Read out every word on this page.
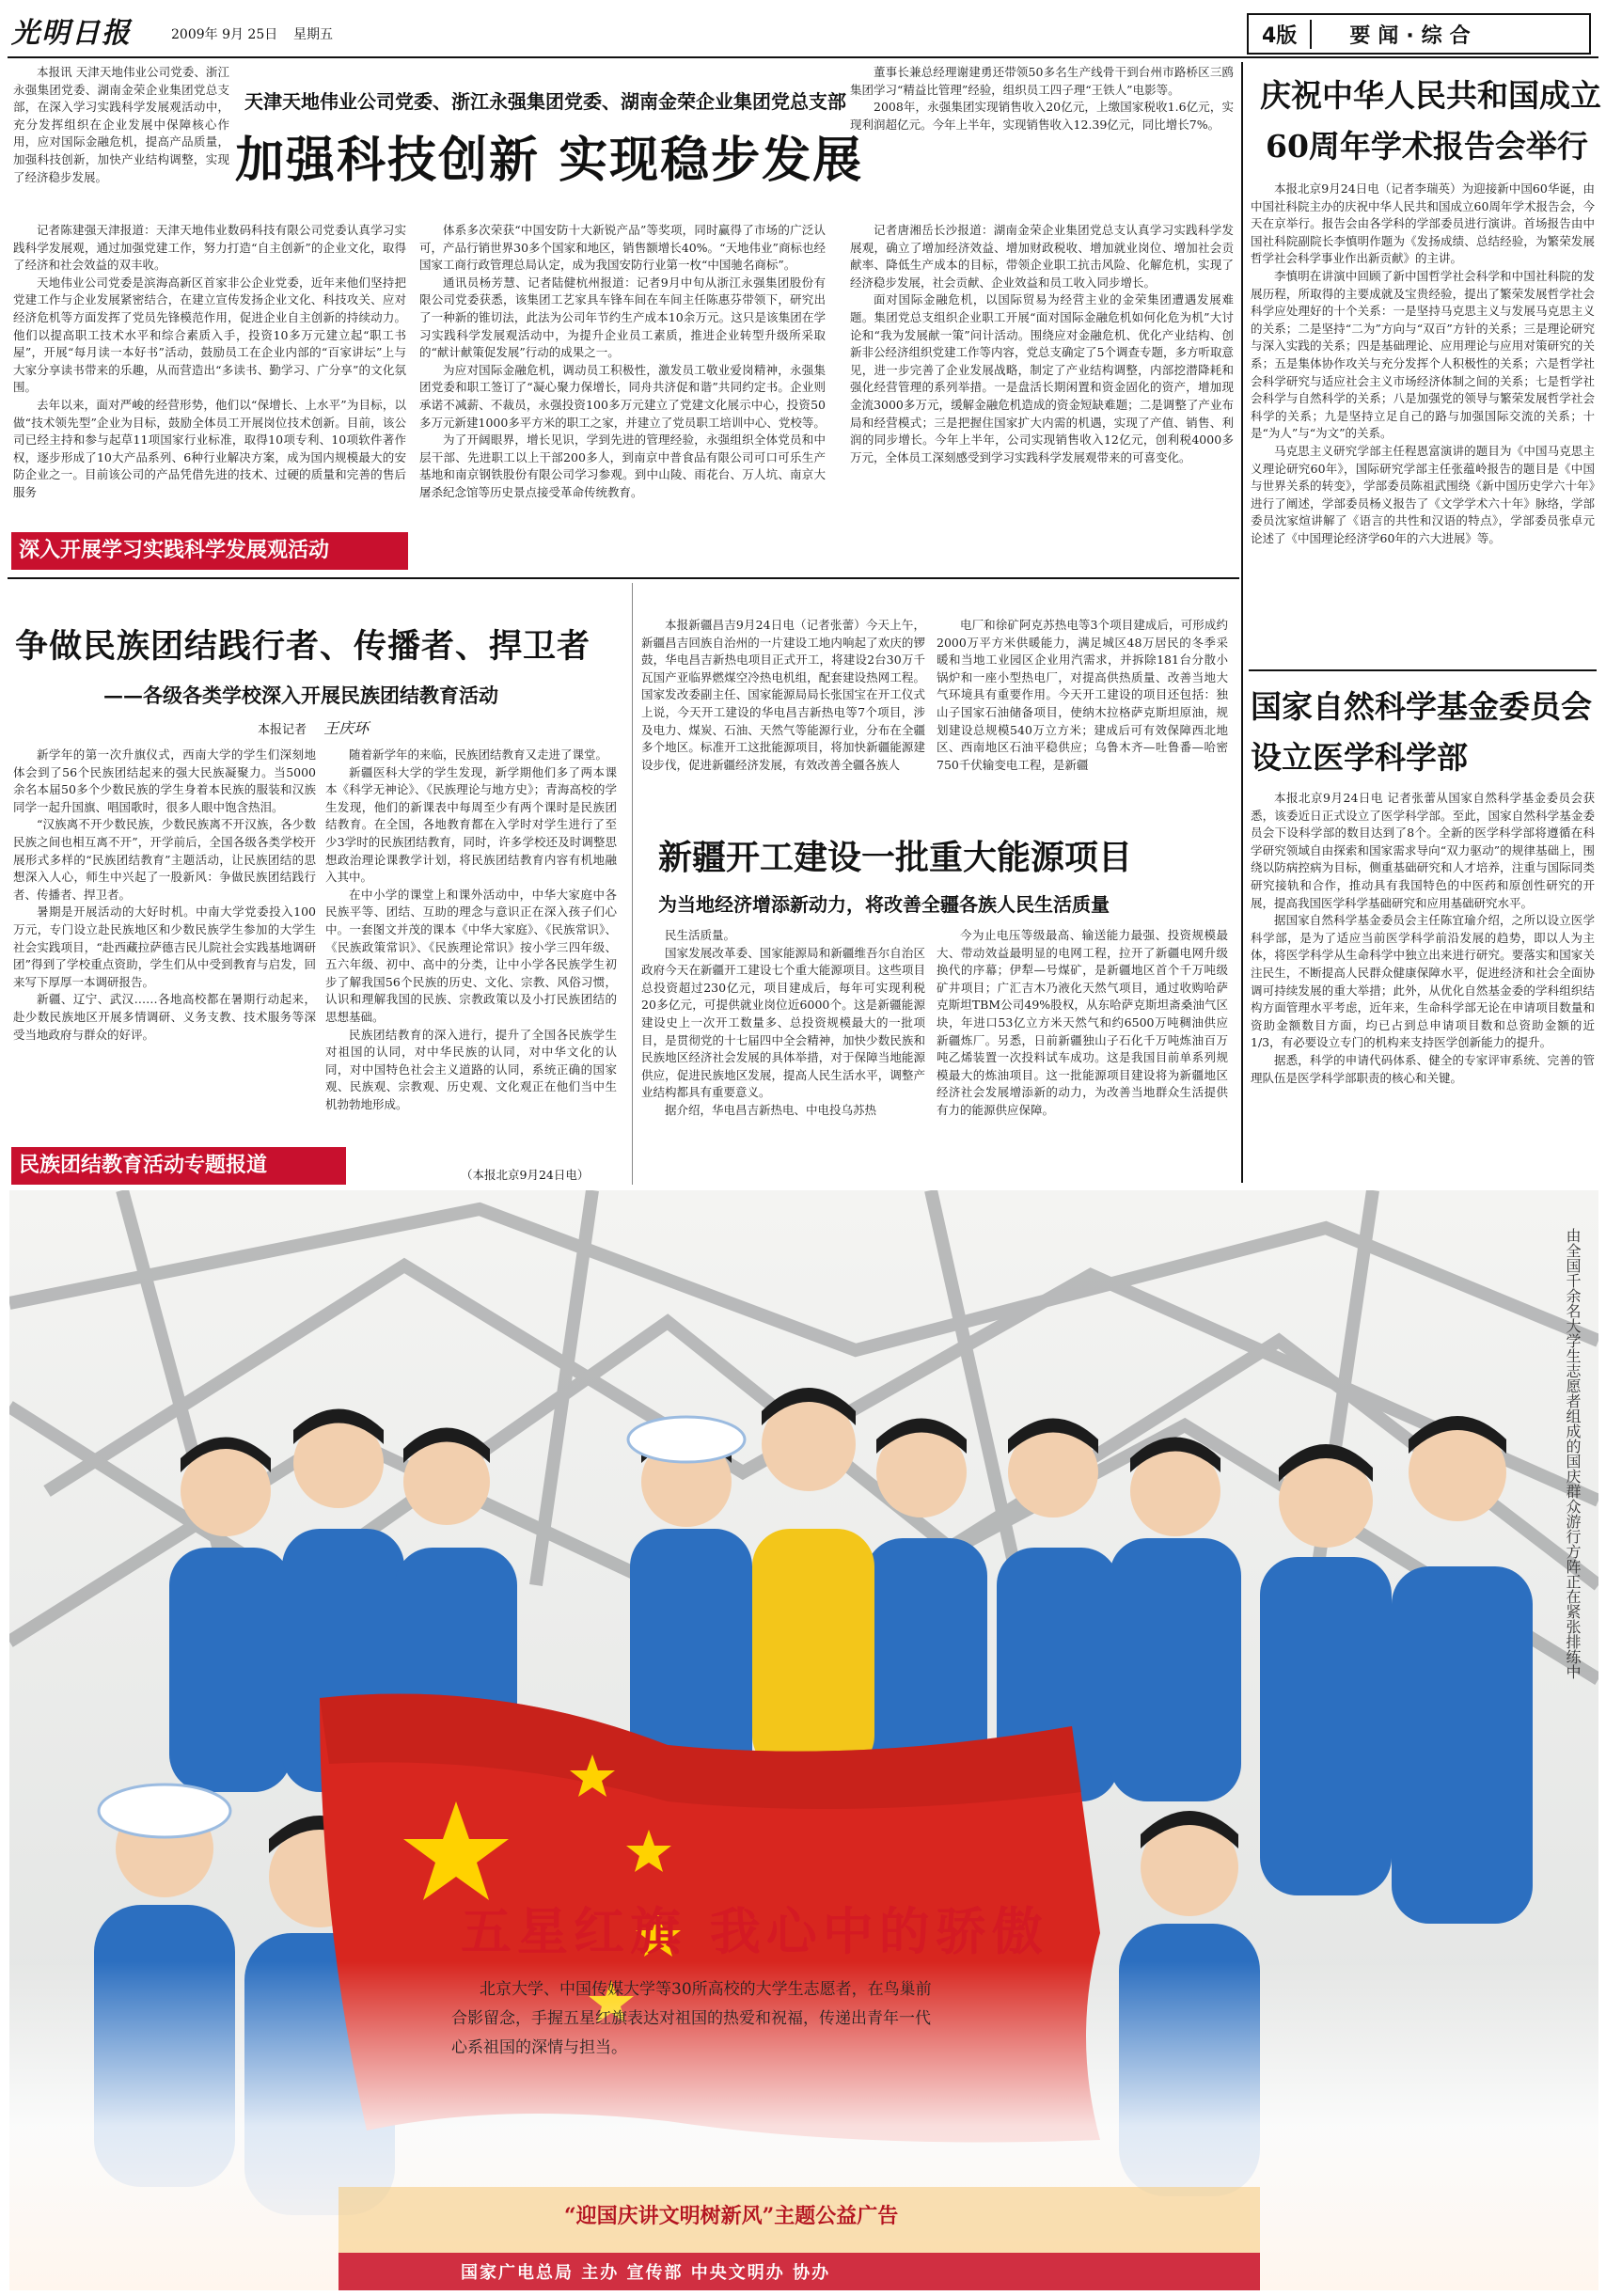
光明日报	2009年 9月 25日 星期五	4版	要闻·综合

本报讯 天津天地伟业公司党委、浙江永强集团党委、湖南金荣企业集团党总支部，在深入学习实践科学发展观活动中，充分发挥组织在企业发展中保障核心作用，应对国际金融危机，提高产品质量，加强科技创新，加快产业结构调整，实现了经济稳步发展。

天津天地伟业公司党委、浙江永强集团党委、湖南金荣企业集团党总支部
加强科技创新 实现稳步发展

记者陈建强天津报道：天津天地伟业数码科技有限公司党委认真学习实践科学发展观，通过加强党建工作，努力打造“自主创新”的企业文化，取得了经济和社会效益的双丰收。

天地伟业公司党委是滨海高新区首家非公企业党委，近年来他们坚持把党建工作与企业发展紧密结合，在建立宣传发扬企业文化、科技攻关、应对经济危机等方面发挥了党员先锋模范作用，促进企业自主创新的持续动力。他们以提高职工技术水平和综合素质入手，投资10多万元建立起“职工书屋”，开展“每月读一本好书”活动，鼓励员工在企业内部的“百家讲坛”上与大家分享读书带来的乐趣，从而营造出“多读书、勤学习、广分享”的文化氛围。

去年以来，面对严峻的经营形势，他们以“保增长、上水平”为目标，以做“技术领先型”企业为目标，鼓励全体员工开展岗位技术创新。目前，该公司已经主持和参与起草11项国家行业标准，取得10项专利、10项软件著作权，逐步形成了10大产品系列、6种行业解决方案，成为国内规模最大的安防企业之一。目前该公司的产品凭借先进的技术、过硬的质量和完善的售后服务

体系多次荣获“中国安防十大新锐产品”等奖项，同时赢得了市场的广泛认可，产品行销世界30多个国家和地区，销售额增长40%。“天地伟业”商标也经国家工商行政管理总局认定，成为我国安防行业第一枚“中国驰名商标”。

通讯员杨芳慧、记者陆健杭州报道：记者9月中旬从浙江永强集团股份有限公司党委获悉，该集团工艺家具车锋车间在车间主任陈惠芬带领下，研究出了一种新的锥切法，此法为公司年节约生产成本10余万元。这只是该集团在学习实践科学发展观活动中，为提升企业员工素质，推进企业转型升级所采取的“献计献策促发展”行动的成果之一。

为应对国际金融危机，调动员工积极性，激发员工敬业爱岗精神，永强集团党委和职工签订了“凝心聚力保增长，同舟共济促和谐”共同约定书。企业则承诺不减薪、不裁员，永强投资100多万元建立了党建文化展示中心，投资50多万元新建1000多平方米的职工之家，并建立了党员职工培训中心、党校等。

为了开阔眼界，增长见识，学到先进的管理经验，永强组织全体党员和中层干部、先进职工以上干部200多人，到南京中普食品有限公司可口可乐生产基地和南京钢铁股份有限公司学习参观。到中山陵、雨花台、万人坑、南京大屠杀纪念馆等历史景点接受革命传统教育。

董事长兼总经理谢建勇还带领50多名生产线骨干到台州市路桥区三鸥集团学习“精益比管理”经验，组织员工四子理“王铁人”电影等。

2008年，永强集团实现销售收入20亿元，上缴国家税收1.6亿元，实现利润超亿元。今年上半年，实现销售收入12.39亿元，同比增长7%。

记者唐湘岳长沙报道：湖南金荣企业集团党总支认真学习实践科学发展观，确立了增加经济效益、增加财政税收、增加就业岗位、增加社会贡献率、降低生产成本的目标，带领企业职工抗击风险、化解危机，实现了经济稳步发展，社会贡献、企业效益和员工收入同步增长。

面对国际金融危机，以国际贸易为经营主业的金荣集团遭遇发展难题。集团党总支组织企业职工开展“面对国际金融危机如何化危为机”大讨论和“我为发展献一策”问计活动。围绕应对金融危机、优化产业结构、创新非公经济组织党建工作等内容，党总支确定了5个调查专题，多方听取意见，进一步完善了企业发展战略，制定了产业结构调整，内部挖潜降耗和强化经营管理的系列举措。一是盘活长期闲置和资金固化的资产，增加现金流3000多万元，缓解金融危机造成的资金短缺难题；二是调整了产业布局和经营模式；三是把握住国家扩大内需的机遇，实现了产值、销售、利润的同步增长。今年上半年，公司实现销售收入12亿元，创利税4000多万元，全体员工深刻感受到学习实践科学发展观带来的可喜变化。

深入开展学习实践科学发展观活动
庆祝中华人民共和国成立
60周年学术报告会举行

本报北京9月24日电（记者李瑞英）为迎接新中国60华诞，由中国社科院主办的庆祝中华人民共和国成立60周年学术报告会，今天在京举行。报告会由各学科的学部委员进行演讲。首场报告由中国社科院副院长李慎明作题为《发扬成绩、总结经验，为繁荣发展哲学社会科学事业作出新贡献》的主讲。

李慎明在讲演中回顾了新中国哲学社会科学和中国社科院的发展历程，所取得的主要成就及宝贵经验，提出了繁荣发展哲学社会科学应处理好的十个关系：一是坚持马克思主义与发展马克思主义的关系；二是坚持“二为”方向与“双百”方针的关系；三是理论研究与深入实践的关系；四是基础理论、应用理论与应用对策研究的关系；五是集体协作攻关与充分发挥个人积极性的关系；六是哲学社会科学研究与适应社会主义市场经济体制之间的关系；七是哲学社会科学与自然科学的关系；八是加强党的领导与繁荣发展哲学社会科学的关系；九是坚持立足自己的路与加强国际交流的关系；十是“为人”与“为文”的关系。

马克思主义研究学部主任程恩富演讲的题目为《中国马克思主义理论研究60年》，国际研究学部主任张蕴岭报告的题目是《中国与世界关系的转变》，学部委员陈祖武围绕《新中国历史学六十年》进行了阐述，学部委员杨义报告了《文学学术六十年》脉络，学部委员沈家煊讲解了《语言的共性和汉语的特点》，学部委员张卓元论述了《中国理论经济学60年的六大进展》等。

国家自然科学基金委员会
设立医学科学部

本报北京9月24日电 记者张蕾从国家自然科学基金委员会获悉，该委近日正式设立了医学科学部。至此，国家自然科学基金委员会下设科学部的数目达到了8个。全新的医学科学部将遵循在科学研究领域自由探索和国家需求导向“双力驱动”的规律基础上，围绕以防病控病为目标，侧重基础研究和人才培养，注重与国际同类研究接轨和合作，推动具有我国特色的中医药和原创性研究的开展，提高我国医学科学基础研究和应用基础研究水平。

据国家自然科学基金委员会主任陈宜瑜介绍，之所以设立医学科学部，是为了适应当前医学科学前沿发展的趋势，即以人为主体，将医学科学从生命科学中独立出来进行研究。要落实和国家关注民生，不断提高人民群众健康保障水平，促进经济和社会全面协调可持续发展的重大举措；此外，从优化自然基金委的学科组织结构方面管理水平考虑，近年来，生命科学部无论在申请项目数量和资助金额数目方面，均已占到总申请项目数和总资助金额的近1/3，有必要设立专门的机构来支持医学创新能力的提升。

据悉，科学的申请代码体系、健全的专家评审系统、完善的管理队伍是医学科学部职责的核心和关键。

争做民族团结践行者、传播者、捍卫者
——各级各类学校深入开展民族团结教育活动
本报记者 王庆环

新学年的第一次升旗仪式，西南大学的学生们深刻地体会到了56个民族团结起来的强大民族凝聚力。当5000余名本届50多个少数民族的学生身着本民族的服装和汉族同学一起升国旗、唱国歌时，很多人眼中饱含热泪。

“汉族离不开少数民族，少数民族离不开汉族，各少数民族之间也相互离不开”，开学前后，全国各级各类学校开展形式多样的“民族团结教育”主题活动，让民族团结的思想深入人心，师生中兴起了一股新风：争做民族团结践行者、传播者、捍卫者。

暑期是开展活动的大好时机。中南大学党委投入100万元，专门设立赴民族地区和少数民族学生参加的大学生社会实践项目，“赴西藏拉萨德吉民儿院社会实践基地调研团”得到了学校重点资助，学生们从中受到教育与启发，回来写下厚厚一本调研报告。

新疆、辽宁、武汉……各地高校都在暑期行动起来，赴少数民族地区开展多情调研、义务支教、技术服务等深受当地政府与群众的好评。

随着新学年的来临，民族团结教育又走进了课堂。

新疆医科大学的学生发现，新学期他们多了两本课本《科学无神论》、《民族理论与地方史》；青海高校的学生发现，他们的新课表中每周至少有两个课时是民族团结教育。在全国，各地教育都在入学时对学生进行了至少3学时的民族团结教育，同时，许多学校还及时调整思想政治理论课教学计划，将民族团结教育内容有机地融入其中。

在中小学的课堂上和课外活动中，中华大家庭中各民族平等、团结、互助的理念与意识正在深入孩子们心中。一套图文并茂的课本《中华大家庭》、《民族常识》、《民族政策常识》、《民族理论常识》按小学三四年级、五六年级、初中、高中的分类，让中小学各民族学生初步了解我国56个民族的历史、文化、宗教、风俗习惯，认识和理解我国的民族、宗教政策以及小打民族团结的思想基础。

民族团结教育的深入进行，提升了全国各民族学生对祖国的认同，对中华民族的认同，对中华文化的认同，对中国特色社会主义道路的认同，系统正确的国家观、民族观、宗教观、历史观、文化观正在他们当中生机勃勃地形成。

（本报北京9月24日电）
民族团结教育活动专题报道

本报新疆昌吉9月24日电（记者张蕾）今天上午，新疆昌吉回族自治州的一片建设工地内响起了欢庆的锣鼓，华电昌吉新热电项目正式开工，将建设2台30万千瓦国产亚临界燃煤空冷热电机组，配套建设热网工程。国家发改委副主任、国家能源局局长张国宝在开工仪式上说，今天开工建设的华电昌吉新热电等7个项目，涉及电力、煤炭、石油、天然气等能源行业，分布在全疆多个地区。标准开工这批能源项目，将加快新疆能源建设步伐，促进新疆经济发展，有效改善全疆各族人

电厂和徐矿阿克苏热电等3个项目建成后，可形成约2000万平方米供暖能力，满足城区48万居民的冬季采暖和当地工业园区企业用汽需求，并拆除181台分散小锅炉和一座小型热电厂，对提高供热质量、改善当地大气环境具有重要作用。今天开工建设的项目还包括：独山子国家石油储备项目，使纳木拉格萨克斯坦原油，规划建设总规模540万立方米；建成后可有效保障西北地区、西南地区石油平稳供应；乌鲁木齐—吐鲁番—哈密750千伏输变电工程，是新疆

新疆开工建设一批重大能源项目
为当地经济增添新动力，将改善全疆各族人民生活质量

民生活质量。

国家发展改革委、国家能源局和新疆维吾尔自治区政府今天在新疆开工建设七个重大能源项目。这些项目总投资超过230亿元，项目建成后，每年可实现利税20多亿元，可提供就业岗位近6000个。这是新疆能源建设史上一次开工数量多、总投资规模最大的一批项目，是贯彻党的十七届四中全会精神，加快少数民族和民族地区经济社会发展的具体举措，对于保障当地能源供应，促进民族地区发展，提高人民生活水平，调整产业结构都具有重要意义。

据介绍，华电昌吉新热电、中电投乌苏热

今为止电压等级最高、输送能力最强、投资规模最大、带动效益最明显的电网工程，拉开了新疆电网升级换代的序幕；伊犁—号煤矿，是新疆地区首个千万吨级矿井项目；广汇吉木乃液化天然气项目，通过收购哈萨克斯坦TBM公司49%股权，从东哈萨克斯坦斋桑油气区块，年进口53亿立方米天然气和约6500万吨稠油供应新疆炼厂。另悉，日前新疆独山子石化千万吨炼油百万吨乙烯装置一次投料试车成功。这是我国目前单系列规模最大的炼油项目。这一批能源项目建设将为新疆地区经济社会发展增添新的动力，为改善当地群众生活提供有力的能源供应保障。

五星红旗 我心中的骄傲
北京大学、中国传媒大学等30所高校的大学生志愿者，在鸟巢前
合影留念，手握五星红旗表达对祖国的热爱和祝福，传递出青年一代
心系祖国的深情与担当。
由全国千余名大学生志愿者组成的国庆群众游行方阵正在紧张排练中
“迎国庆讲文明树新风”主题公益广告
国家广电总局 主办 宣传部 中央文明办 协办
